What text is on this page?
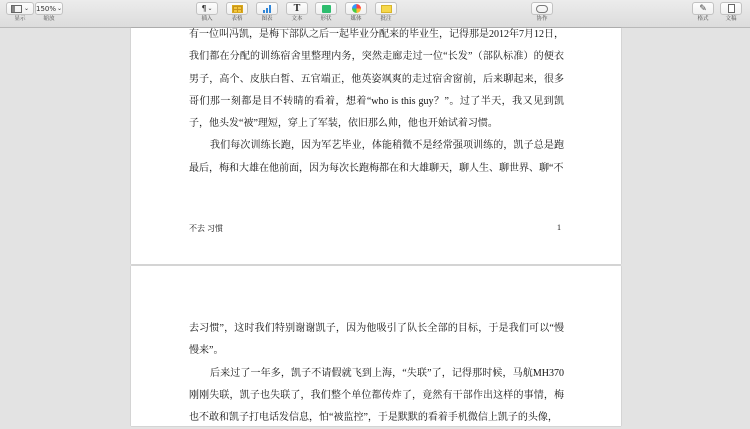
⌄
显示
150% ⌄
缩放
¶ ⌄
插入	表格	图表
T
文本	形状	媒体	批注	协作
✎
格式	文稿

有一位叫冯凯，是梅下部队之后一起毕业分配来的毕业生，记得那是2012年7月12日，我们都在分配的训练宿舍里整理内务，突然走廊走过一位“长发”（部队标准）的便衣男子，高个、皮肤白皙、五官端正，他英姿飒爽的走过宿舍窗前，后来聊起来，很多哥们那一刻都是目不转睛的看着，想着“who is this guy？”。过了半天，我又见到凯子，他头发“被”理短，穿上了军装，依旧那么帅，他也开始试着习惯。

我们每次训练长跑，因为军艺毕业，体能稍微不是经常强项训练的，凯子总是跑最后，梅和大雄在他前面，因为每次长跑梅都在和大雄聊天，聊人生、聊世界、聊“不

不去 习惯	1

去习惯”，这时我们特别谢谢凯子，因为他吸引了队长全部的目标，于是我们可以“慢慢来”。

后来过了一年多，凯子不请假就飞到上海，“失联”了，记得那时候，马航MH370刚刚失联，凯子也失联了，我们整个单位都传炸了，竟然有干部作出这样的事情，梅也不敢和凯子打电话发信息，怕“被监控”，于是默默的看着手机微信上凯子的头像，
